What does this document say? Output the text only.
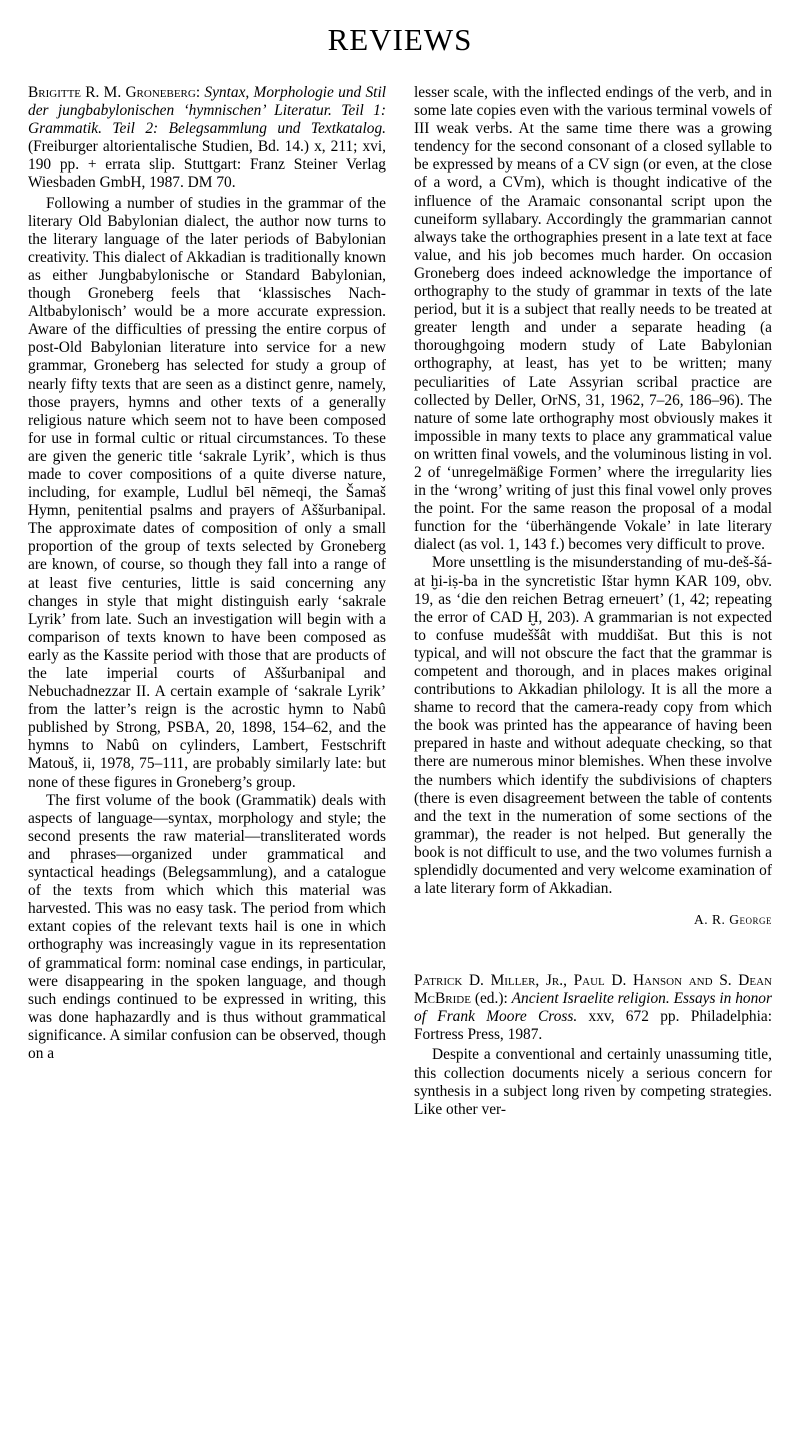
REVIEWS

Brigitte R. M. Groneberg: Syntax, Morphologie und Stil der jungbabylonischen ‘hymnischen’ Literatur. Teil 1: Grammatik. Teil 2: Belegsammlung und Textkatalog. (Freiburger altorientalische Studien, Bd. 14.) x, 211; xvi, 190 pp. + errata slip. Stuttgart: Franz Steiner Verlag Wiesbaden GmbH, 1987. DM 70.

Following a number of studies in the grammar of the literary Old Babylonian dialect, the author now turns to the literary language of the later periods of Babylonian creativity. This dialect of Akkadian is traditionally known as either Jungbabylonische or Standard Babylonian, though Groneberg feels that ‘klassisches Nach-Altbabylonisch’ would be a more accurate expression. Aware of the difficulties of pressing the entire corpus of post-Old Babylonian literature into service for a new grammar, Groneberg has selected for study a group of nearly fifty texts that are seen as a distinct genre, namely, those prayers, hymns and other texts of a generally religious nature which seem not to have been composed for use in formal cultic or ritual circumstances. To these are given the generic title ‘sakrale Lyrik’, which is thus made to cover compositions of a quite diverse nature, including, for example, Ludlul bēl nēmeqi, the Šamaš Hymn, penitential psalms and prayers of Aššurbanipal. The approximate dates of composition of only a small proportion of the group of texts selected by Groneberg are known, of course, so though they fall into a range of at least five centuries, little is said concerning any changes in style that might distinguish early ‘sakrale Lyrik’ from late. Such an investigation will begin with a comparison of texts known to have been composed as early as the Kassite period with those that are products of the late imperial courts of Aššurbanipal and Nebuchadnezzar II. A certain example of ‘sakrale Lyrik’ from the latter’s reign is the acrostic hymn to Nabû published by Strong, PSBA, 20, 1898, 154–62, and the hymns to Nabû on cylinders, Lambert, Festschrift Matouš, ii, 1978, 75–111, are probably similarly late: but none of these figures in Groneberg’s group.

The first volume of the book (Grammatik) deals with aspects of language—syntax, morphology and style; the second presents the raw material—transliterated words and phrases—organized under grammatical and syntactical headings (Belegsammlung), and a catalogue of the texts from which which this material was harvested. This was no easy task. The period from which extant copies of the relevant texts hail is one in which orthography was increasingly vague in its representation of grammatical form: nominal case endings, in particular, were disappearing in the spoken language, and though such endings continued to be expressed in writing, this was done haphazardly and is thus without grammatical significance. A similar confusion can be observed, though on a

lesser scale, with the inflected endings of the verb, and in some late copies even with the various terminal vowels of III weak verbs. At the same time there was a growing tendency for the second consonant of a closed syllable to be expressed by means of a CV sign (or even, at the close of a word, a CVm), which is thought indicative of the influence of the Aramaic consonantal script upon the cuneiform syllabary. Accordingly the grammarian cannot always take the orthographies present in a late text at face value, and his job becomes much harder. On occasion Groneberg does indeed acknowledge the importance of orthography to the study of grammar in texts of the late period, but it is a subject that really needs to be treated at greater length and under a separate heading (a thoroughgoing modern study of Late Babylonian orthography, at least, has yet to be written; many peculiarities of Late Assyrian scribal practice are collected by Deller, OrNS, 31, 1962, 7–26, 186–96). The nature of some late orthography most obviously makes it impossible in many texts to place any grammatical value on written final vowels, and the voluminous listing in vol. 2 of ‘unregelmäßige Formen’ where the irregularity lies in the ‘wrong’ writing of just this final vowel only proves the point. For the same reason the proposal of a modal function for the ‘überhängende Vokale’ in late literary dialect (as vol. 1, 143 f.) becomes very difficult to prove.

More unsettling is the misunderstanding of mu-deš-šá-at ḫi-iṣ-ba in the syncretistic Ištar hymn KAR 109, obv. 19, as ‘die den reichen Betrag erneuert’ (1, 42; repeating the error of CAD Ḫ, 203). A grammarian is not expected to confuse mudeššât with muddišat. But this is not typical, and will not obscure the fact that the grammar is competent and thorough, and in places makes original contributions to Akkadian philology. It is all the more a shame to record that the camera-ready copy from which the book was printed has the appearance of having been prepared in haste and without adequate checking, so that there are numerous minor blemishes. When these involve the numbers which identify the subdivisions of chapters (there is even disagreement between the table of contents and the text in the numeration of some sections of the grammar), the reader is not helped. But generally the book is not difficult to use, and the two volumes furnish a splendidly documented and very welcome examination of a late literary form of Akkadian.

A. R. George

Patrick D. Miller, Jr., Paul D. Hanson and S. Dean McBride (ed.): Ancient Israelite religion. Essays in honor of Frank Moore Cross. xxv, 672 pp. Philadelphia: Fortress Press, 1987.

Despite a conventional and certainly unassuming title, this collection documents nicely a serious concern for synthesis in a subject long riven by competing strategies. Like other ver-
